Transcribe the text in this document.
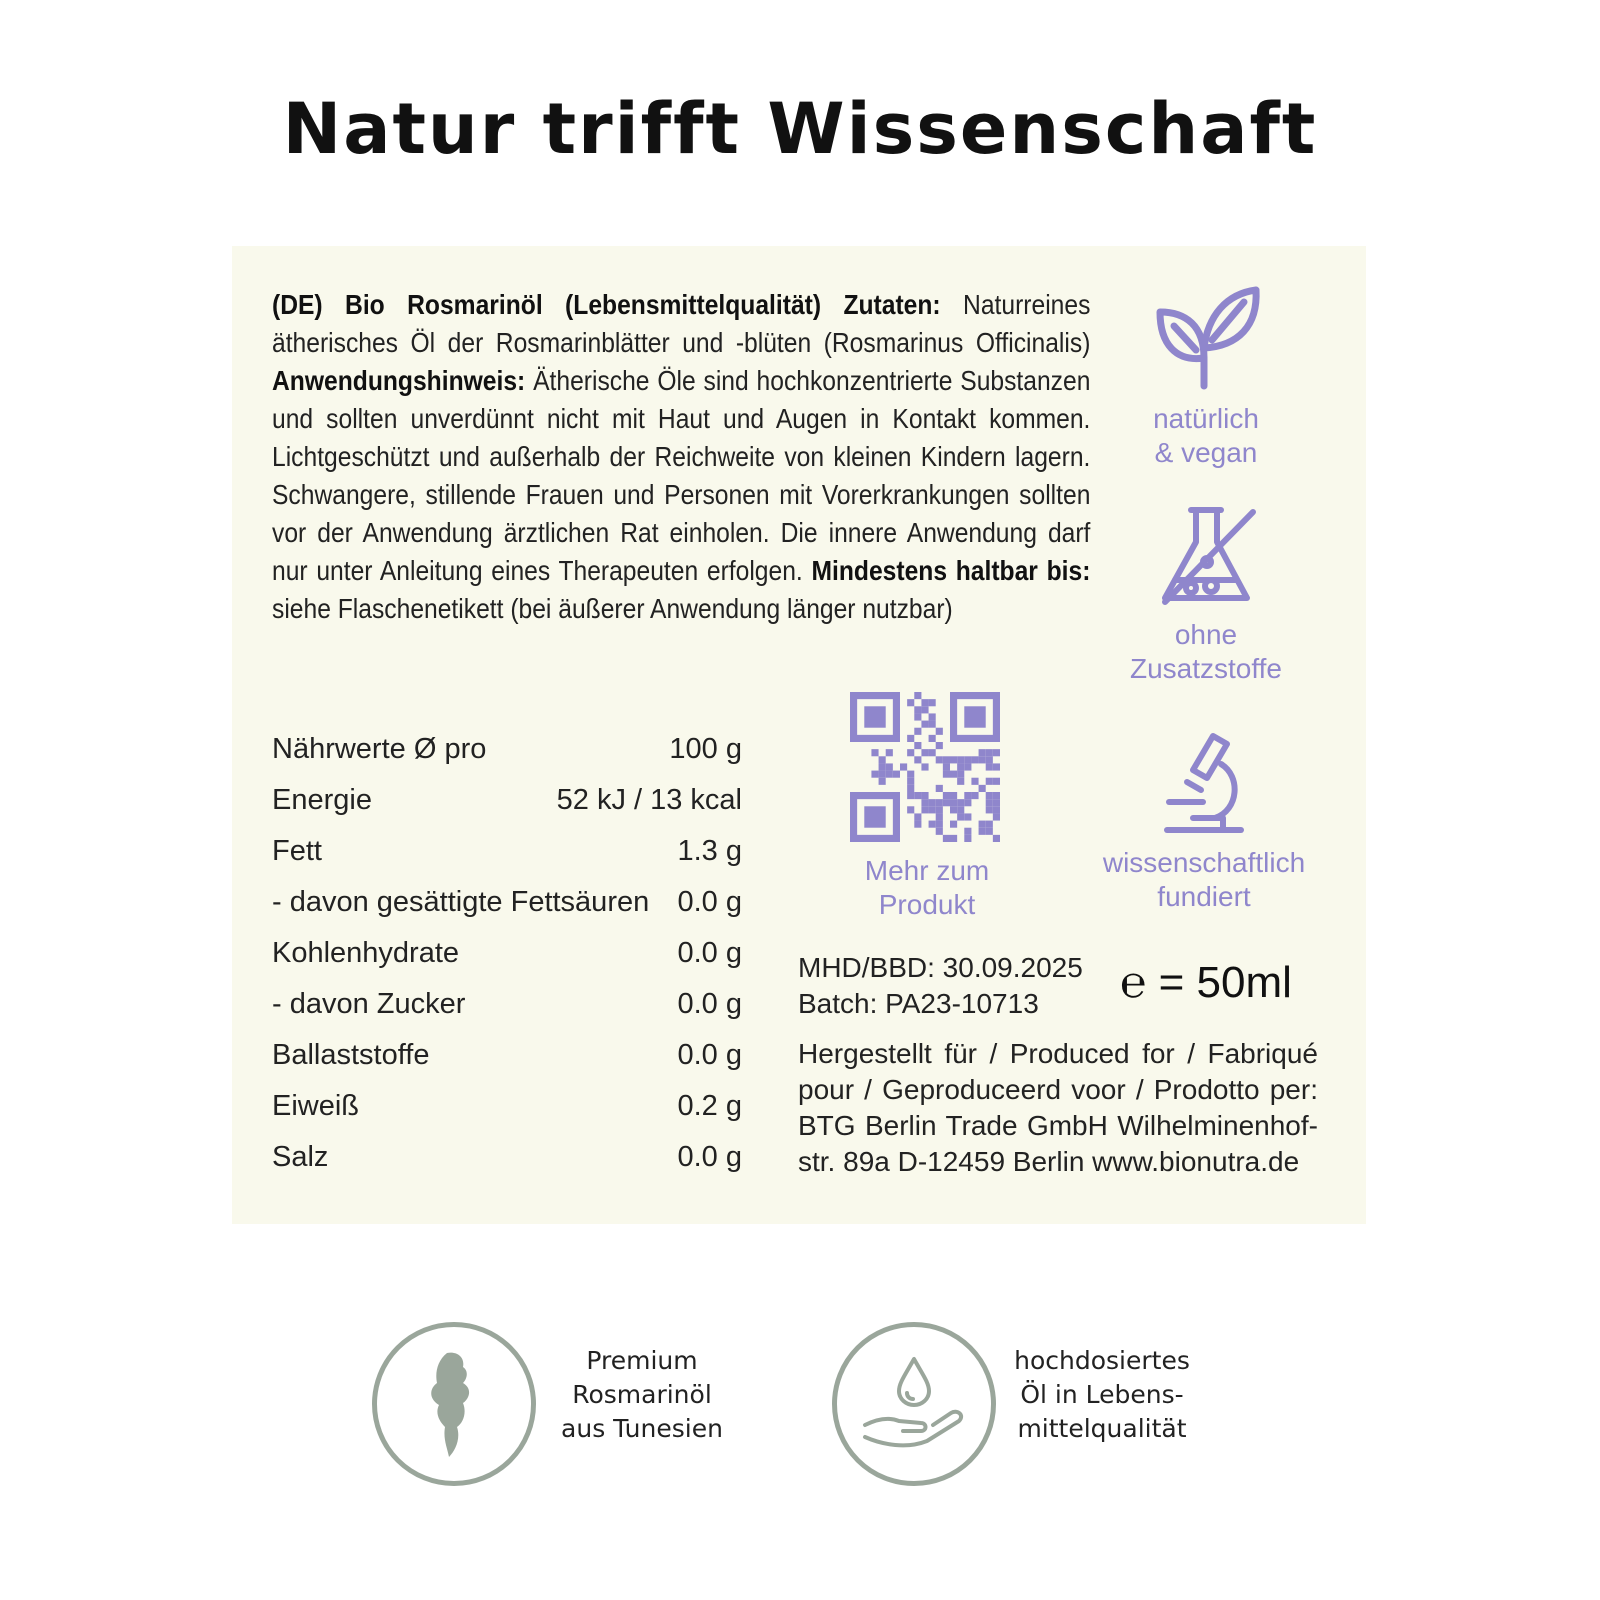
Natur trifft Wissenschaft
(DE) Bio Rosmarinöl (Lebensmittelqualität) Zutaten: Naturreines ätherisches Öl der Rosmarinblätter und -blüten (Rosmarinus Officinalis) Anwendungshinweis: Ätherische Öle sind hochkonzentrierte Substanzen und sollten unverdünnt nicht mit Haut und Augen in Kontakt kommen. Lichtgeschützt und außerhalb der Reichweite von kleinen Kindern lagern. Schwangere, stillende Frauen und Personen mit Vorerkrankungen sollten vor der Anwendung ärztlichen Rat einholen. Die innere Anwendung darf nur unter Anleitung eines Therapeuten erfolgen. Mindestens haltbar bis: siehe Flaschenetikett (bei äußerer Anwendung länger nutzbar)
Nährwerte Ø pro	100 g
Energie	52 kJ / 13 kcal
Fett	1.3 g
- davon gesättigte Fettsäuren 0.0 g
Kohlenhydrate	0.0 g
- davon Zucker	0.0 g
Ballaststoffe	0.0 g
Eiweiß	0.2 g
Salz	0.0 g
natürlich
& vegan
ohne
Zusatzstoffe
Mehr zum
Produkt
wissenschaftlich
fundiert
MHD/BBD: 30.09.2025
Batch: PA23-10713	℮ = 50ml
Hergestellt für / Produced for / Fabriqué pour / Geproduceerd voor / Prodotto per: BTG Berlin Trade GmbH Wilhelminenhof-str. 89a D-12459 Berlin www.bionutra.de
Premium
Rosmarinöl
aus Tunesien
hochdosiertes
Öl in Lebens-
mittelqualität
